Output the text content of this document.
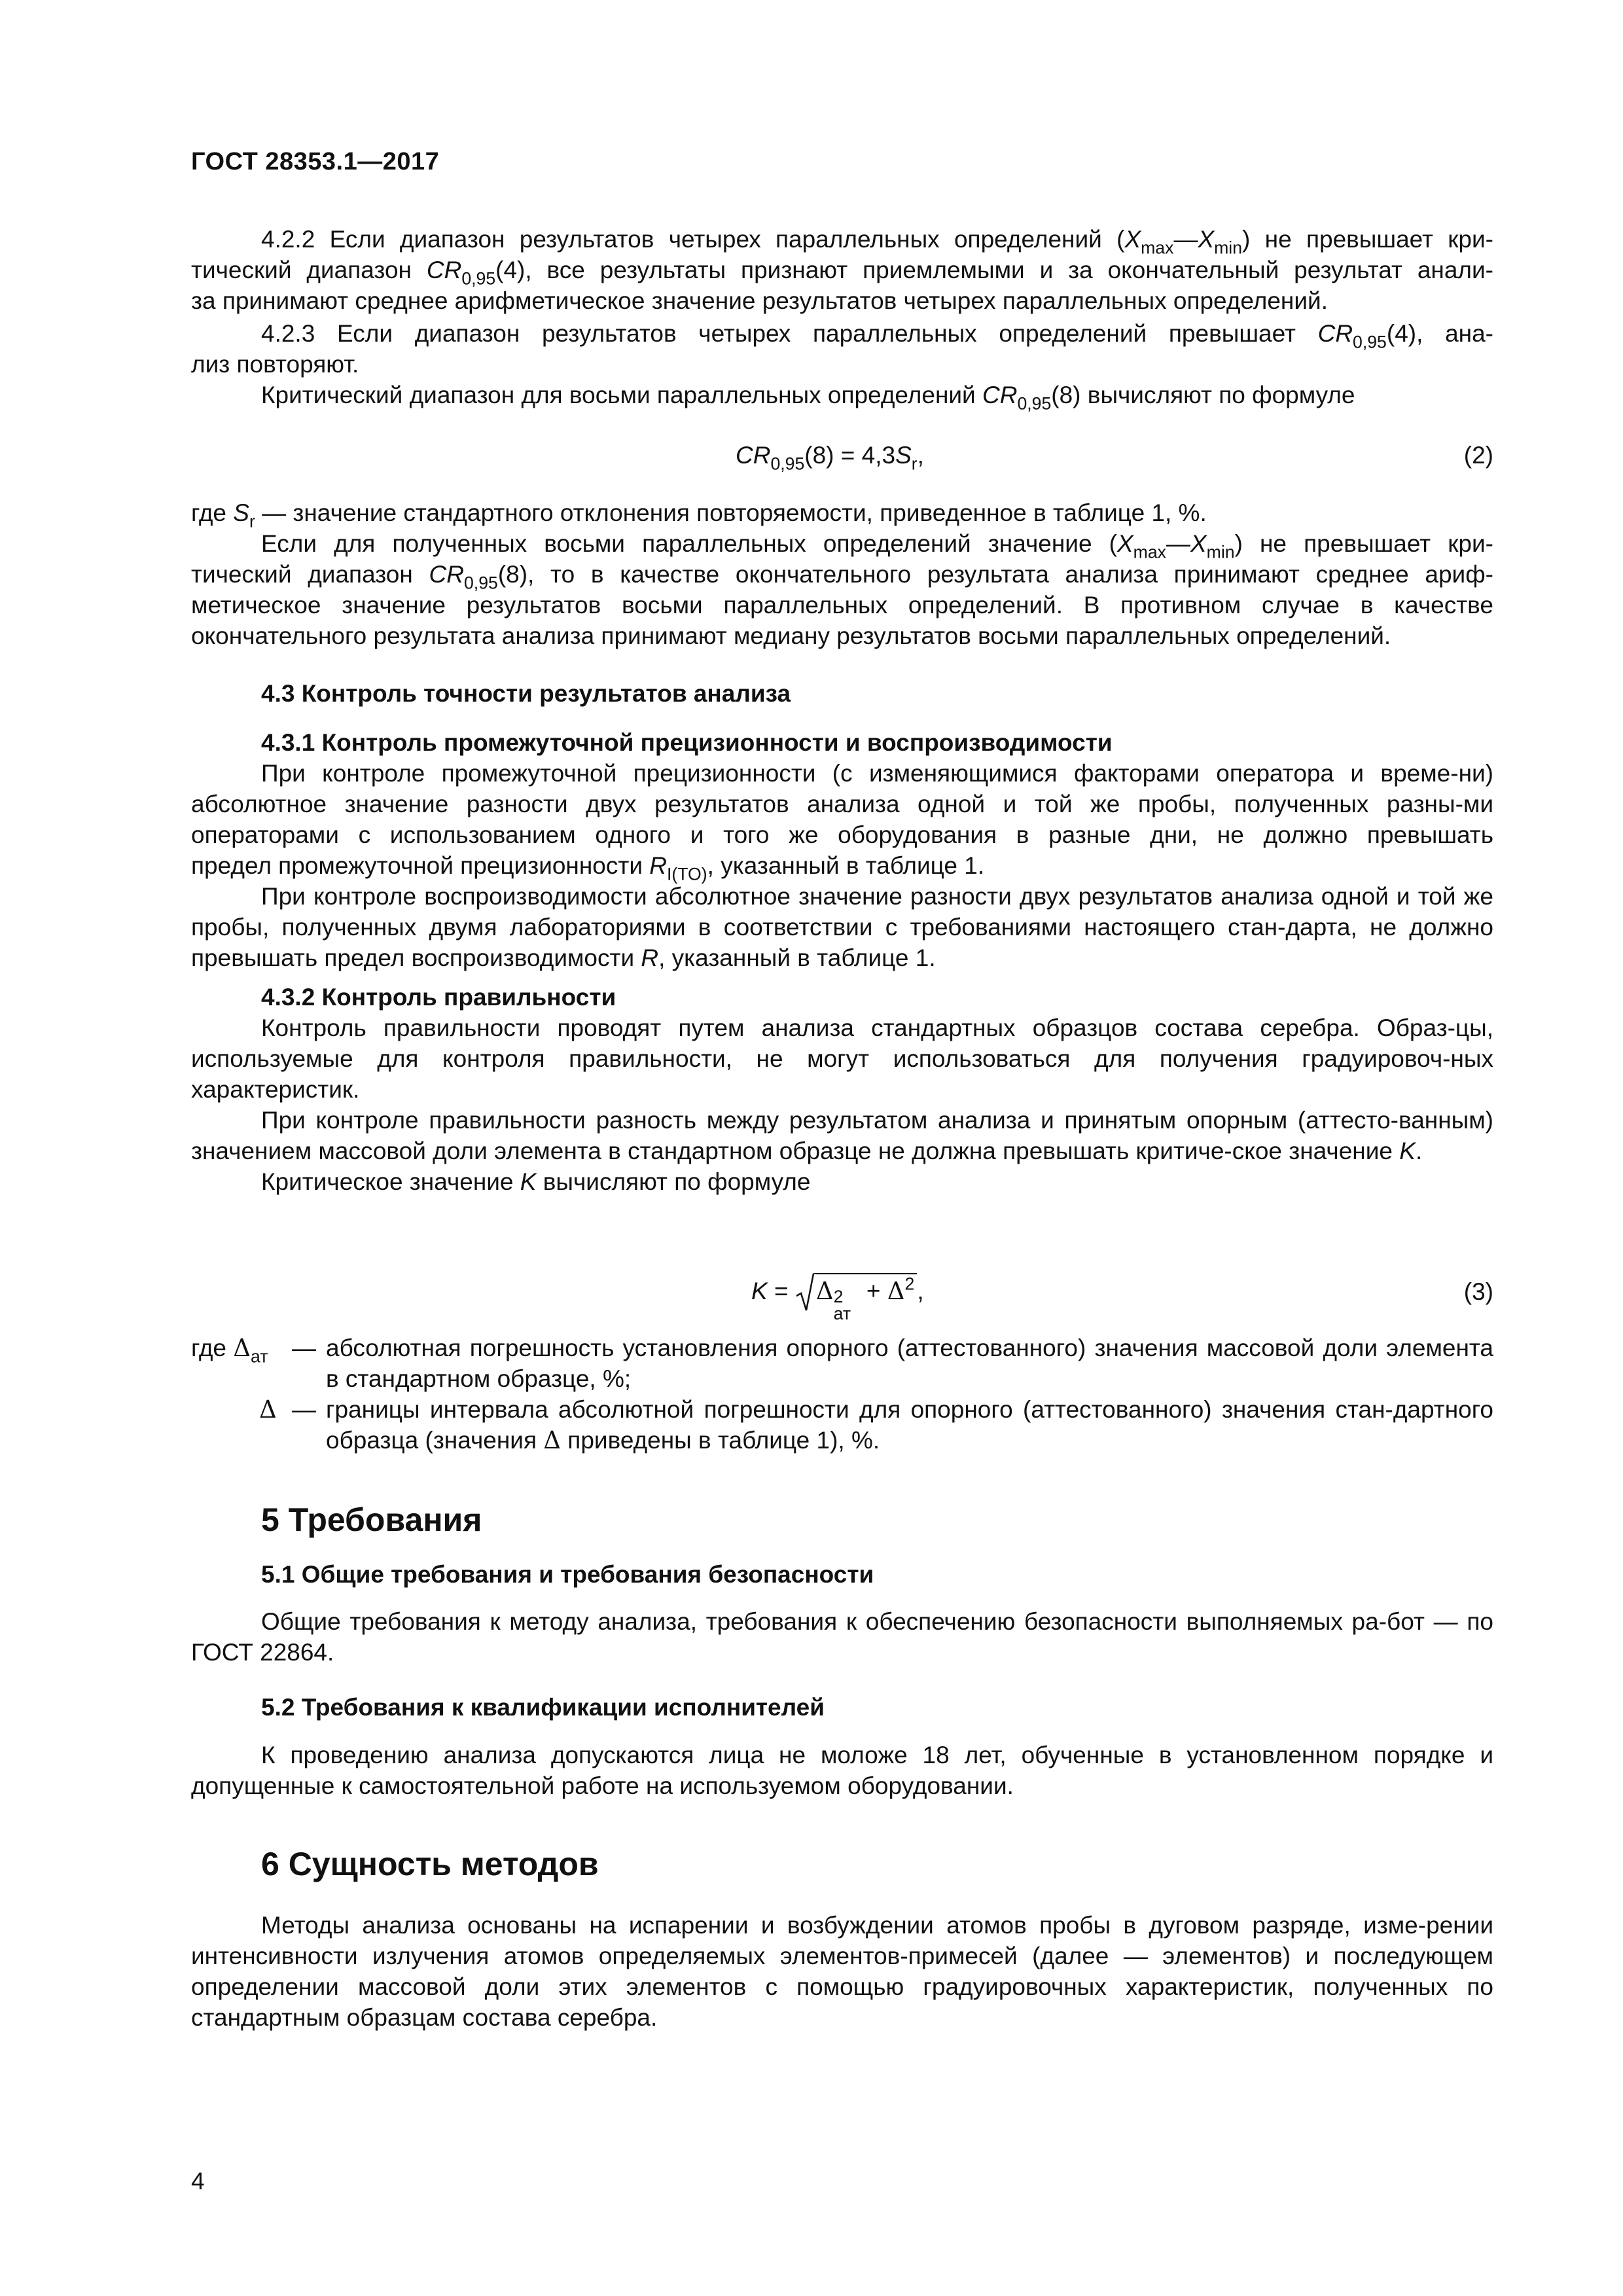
ГОСТ 28353.1—2017

4.2.2 Если диапазон результатов четырех параллельных определений $(X_{max}—X_{min})$ не превышает кри-

тический диапазон $CR_{0,95}(4)$, все результаты признают приемлемыми и за окончательный результат анали-

за принимают среднее арифметическое значение результатов четырех параллельных определений.

4.2.3 Если диапазон результатов четырех параллельных определений превышает $CR_{0,95}(4)$, ана-

лиз повторяют.

Критический диапазон для восьми параллельных определений $CR_{0,95}(8)$ вычисляют по формуле

$CR_{0,95}(8) = 4,3S_r$,	(2)

где $S_r$ — значение стандартного отклонения повторяемости, приведенное в таблице 1, %.

Если для полученных восьми параллельных определений значение $(X_{max}—X_{min})$ не превышает кри-

тический диапазон $CR_{0,95}(8)$, то в качестве окончательного результата анализа принимают среднее ариф-

метическое значение результатов восьми параллельных определений. В противном случае в качестве

окончательного результата анализа принимают медиану результатов восьми параллельных определений.

4.3 Контроль точности результатов анализа
4.3.1 Контроль промежуточной прецизионности и воспроизводимости

При контроле промежуточной прецизионности (с изменяющимися факторами оператора и време-ни) абсолютное значение разности двух результатов анализа одной и той же пробы, полученных разны-ми операторами с использованием одного и того же оборудования в разные дни, не должно превышать

предел промежуточной прецизионности $R_{I(TO)}$, указанный в таблице 1.

При контроле воспроизводимости абсолютное значение разности двух результатов анализа одной и той же пробы, полученных двумя лабораториями в соответствии с требованиями настоящего стан-дарта, не должно превышать предел воспроизводимости R, указанный в таблице 1.

4.3.2 Контроль правильности

Контроль правильности проводят путем анализа стандартных образцов состава серебра. Образ-цы, используемые для контроля правильности, не могут использоваться для получения градуировоч-ных характеристик.

При контроле правильности разность между результатом анализа и принятым опорным (аттесто-ванным) значением массовой доли элемента в стандартном образце не должна превышать критиче-ское значение K.

Критическое значение K вычисляют по формуле

K = Δ 2
ат
+ $\Delta^2$ ,	(3)
где $\Delta_{ат}$ — абсолютная погрешность установления опорного (аттестованного) значения массовой доли элемента в стандартном образце, %;
Δ — границы интервала абсолютной погрешности для опорного (аттестованного) значения стан-дартного образца (значения Δ приведены в таблице 1), %.
5 Требования
5.1 Общие требования и требования безопасности

Общие требования к методу анализа, требования к обеспечению безопасности выполняемых ра-бот — по ГОСТ 22864.

5.2 Требования к квалификации исполнителей

К проведению анализа допускаются лица не моложе 18 лет, обученные в установленном порядке и допущенные к самостоятельной работе на используемом оборудовании.

6 Сущность методов

Методы анализа основаны на испарении и возбуждении атомов пробы в дуговом разряде, изме-рении интенсивности излучения атомов определяемых элементов-примесей (далее — элементов) и последующем определении массовой доли этих элементов с помощью градуировочных характеристик, полученных по стандартным образцам состава серебра.

4
